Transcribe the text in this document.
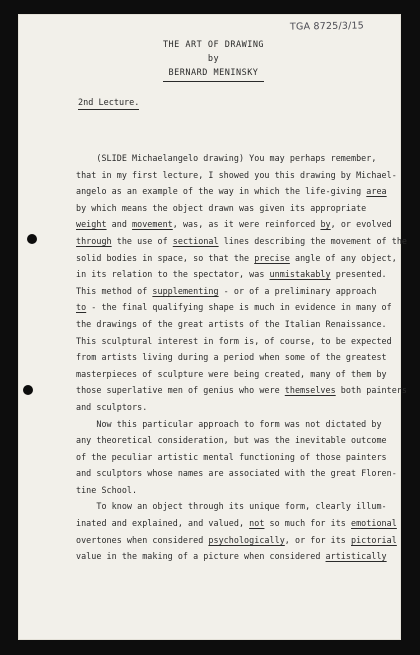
TGA 8725/3/15
THE ART OF DRAWING
by
BERNARD MENINSKY
2nd Lecture.
(SLIDE Michaelangelo drawing) You may perhaps remember,
that in my first lecture, I showed you this drawing by Michael-
angelo as an example of the way in which the life-giving area
by which means the object drawn was given its appropriate
weight and movement, was, as it were reinforced by, or evolved
through the use of sectional lines describing the movement of the
solid bodies in space, so that the precise angle of any object,
in its relation to the spectator, was unmistakably presented.
This method of supplementing - or of a preliminary approach
to - the final qualifying shape is much in evidence in many of
the drawings of the great artists of the Italian Renaissance.
This sculptural interest in form is, of course, to be expected
from artists living during a period when some of the greatest
masterpieces of sculpture were being created, many of them by
those superlative men of genius who were themselves both painters
and sculptors.
Now this particular approach to form was not dictated by
any theoretical consideration, but was the inevitable outcome
of the peculiar artistic mental functioning of those painters
and sculptors whose names are associated with the great Floren-
tine School.
To know an object through its unique form, clearly illum-
inated and explained, and valued, not so much for its emotional
overtones when considered psychologically, or for its pictorial
value in the making of a picture when considered artistically
